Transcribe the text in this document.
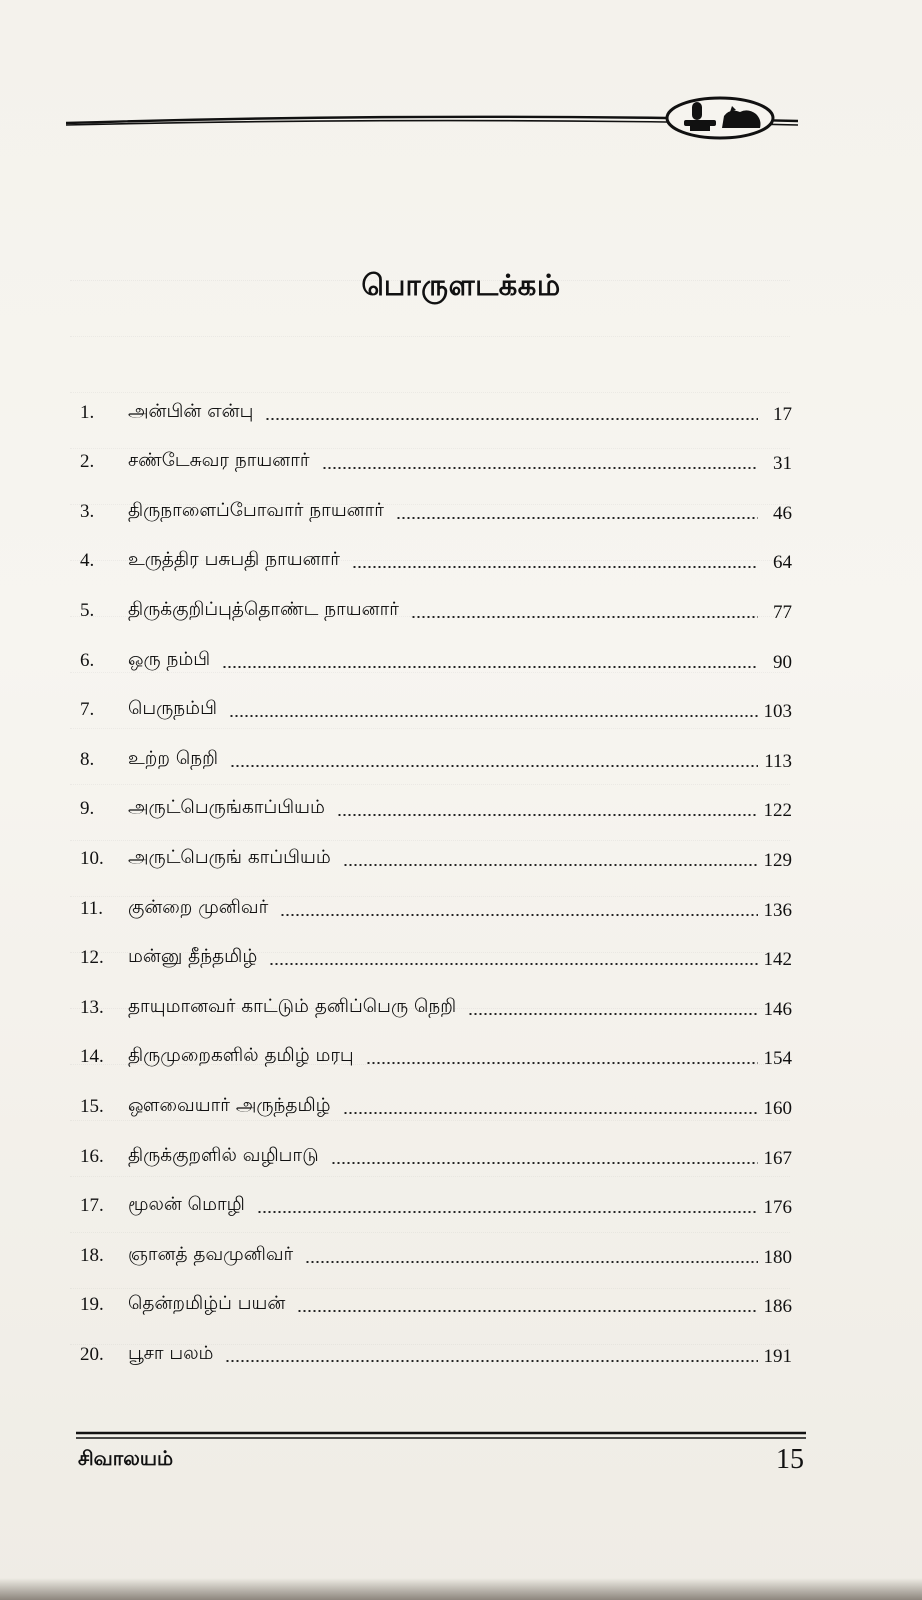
பொருளடக்கம்
1.	அன்பின் என்பு	17
2.	சண்டேசுவர நாயனார்	31
3.	திருநாளைப்போவார் நாயனார்	46
4.	உருத்திர பசுபதி நாயனார்	64
5.	திருக்குறிப்புத்தொண்ட நாயனார்	77
6.	ஒரு நம்பி	90
7.	பெருநம்பி	103
8.	உற்ற நெறி	113
9.	அருட்பெருங்காப்பியம்	122
10.	அருட்பெருங் காப்பியம்	129
11.	குன்றை முனிவர்	136
12.	மன்னு தீந்தமிழ்	142
13.	தாயுமானவர் காட்டும் தனிப்பெரு நெறி	146
14.	திருமுறைகளில் தமிழ் மரபு	154
15.	ஔவையார் அருந்தமிழ்	160
16.	திருக்குறளில் வழிபாடு	167
17.	மூலன் மொழி	176
18.	ஞானத் தவமுனிவர்	180
19.	தென்றமிழ்ப் பயன்	186
20.	பூசா பலம்	191
சிவாலயம்	15
